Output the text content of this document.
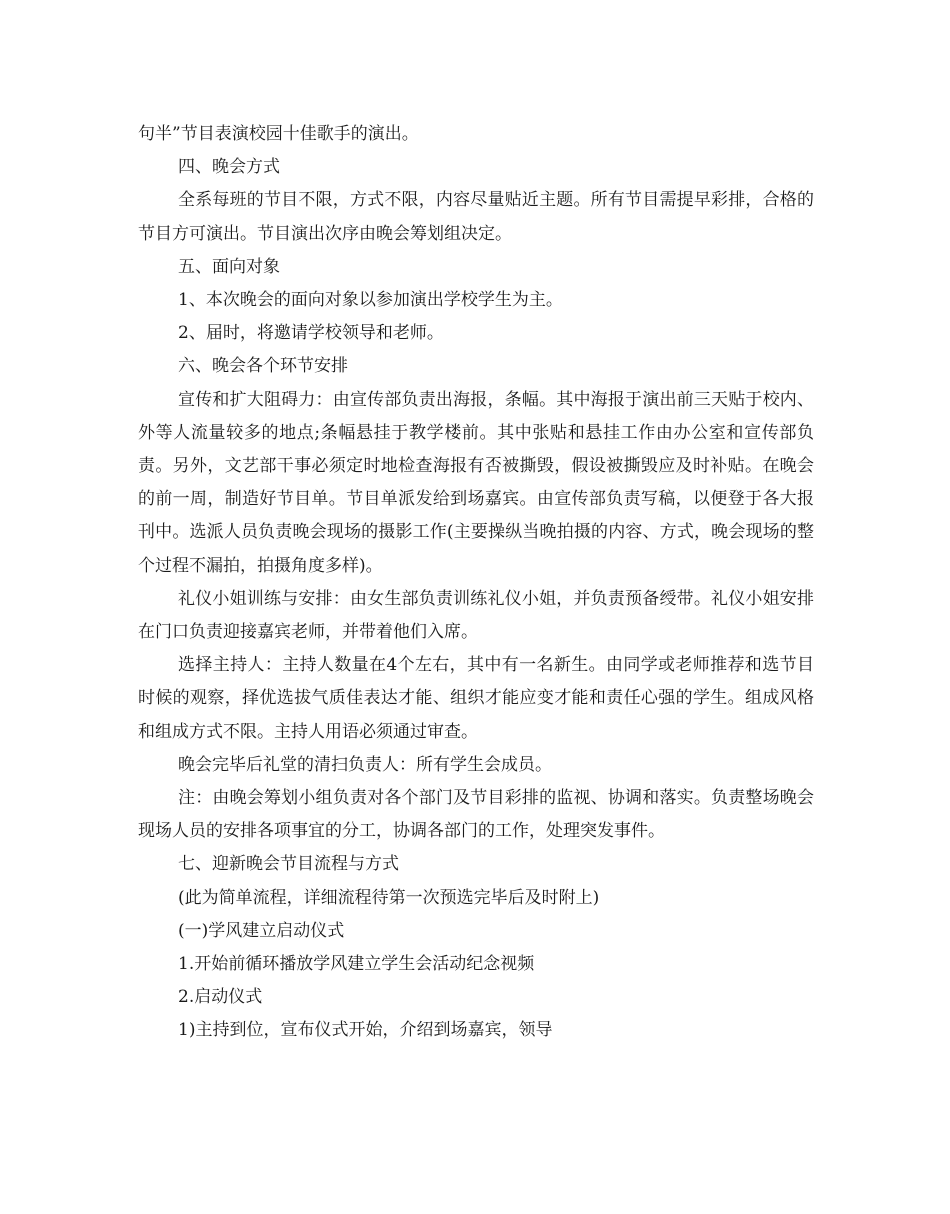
句半”节目表演校园十佳歌手的演出。

四、晚会方式

全系每班的节目不限，方式不限，内容尽量贴近主题。所有节目需提早彩排，合格的节目方可演出。节目演出次序由晚会筹划组决定。

五、面向对象

1、本次晚会的面向对象以参加演出学校学生为主。

2、届时，将邀请学校领导和老师。

六、晚会各个环节安排

宣传和扩大阻碍力：由宣传部负责出海报，条幅。其中海报于演出前三天贴于校内、外等人流量较多的地点;条幅悬挂于教学楼前。其中张贴和悬挂工作由办公室和宣传部负责。另外，文艺部干事必须定时地检查海报有否被撕毁，假设被撕毁应及时补贴。在晚会的前一周，制造好节目单。节目单派发给到场嘉宾。由宣传部负责写稿，以便登于各大报刊中。选派人员负责晚会现场的摄影工作(主要操纵当晚拍摄的内容、方式，晚会现场的整个过程不漏拍，拍摄角度多样)。

礼仪小姐训练与安排：由女生部负责训练礼仪小姐，并负责预备绶带。礼仪小姐安排在门口负责迎接嘉宾老师，并带着他们入席。

选择主持人：主持人数量在4个左右，其中有一名新生。由同学或老师推荐和选节目时候的观察，择优选拔气质佳表达才能、组织才能应变才能和责任心强的学生。组成风格和组成方式不限。主持人用语必须通过审查。

晚会完毕后礼堂的清扫负责人：所有学生会成员。

注：由晚会筹划小组负责对各个部门及节目彩排的监视、协调和落实。负责整场晚会现场人员的安排各项事宜的分工，协调各部门的工作，处理突发事件。

七、迎新晚会节目流程与方式

(此为简单流程，详细流程待第一次预选完毕后及时附上)

(一)学风建立启动仪式

1.开始前循环播放学风建立学生会活动纪念视频

2.启动仪式

1)主持到位，宣布仪式开始，介绍到场嘉宾，领导
